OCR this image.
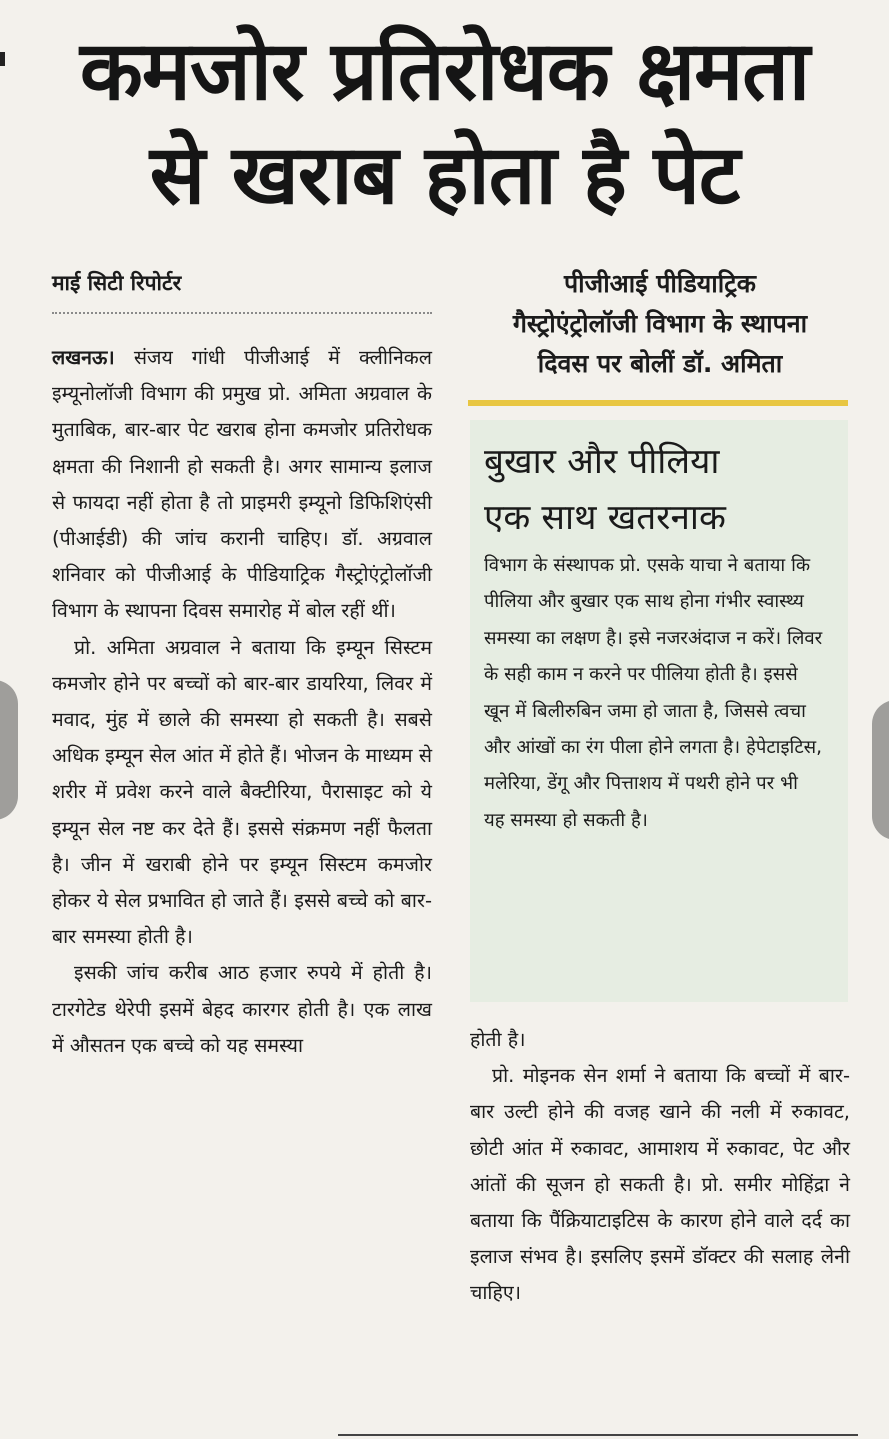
कमजोर प्रतिरोधक क्षमता
से खराब होता है पेट
माई सिटी रिपोर्टर	पीजीआई पीडियाट्रिक
गैस्ट्रोएंट्रोलॉजी विभाग के स्थापना
दिवस पर बोलीं डॉ. अमिता

लखनऊ। संजय गांधी पीजीआई में क्लीनिकल इम्यूनोलॉजी विभाग की प्रमुख प्रो. अमिता अग्रवाल के मुताबिक, बार-बार पेट खराब होना कमजोर प्रतिरोधक क्षमता की निशानी हो सकती है। अगर सामान्य इलाज से फायदा नहीं होता है तो प्राइमरी इम्यूनो डिफिशिएंसी (पीआईडी) की जांच करानी चाहिए। डॉ. अग्रवाल शनिवार को पीजीआई के पीडियाट्रिक गैस्ट्रोएंट्रोलॉजी विभाग के स्थापना दिवस समारोह में बोल रहीं थीं।

प्रो. अमिता अग्रवाल ने बताया कि इम्यून सिस्टम कमजोर होने पर बच्चों को बार-बार डायरिया, लिवर में मवाद, मुंह में छाले की समस्या हो सकती है। सबसे अधिक इम्यून सेल आंत में होते हैं। भोजन के माध्यम से शरीर में प्रवेश करने वाले बैक्टीरिया, पैरासाइट को ये इम्यून सेल नष्ट कर देते हैं। इससे संक्रमण नहीं फैलता है। जीन में खराबी होने पर इम्यून सिस्टम कमजोर होकर ये सेल प्रभावित हो जाते हैं। इससे बच्चे को बार-बार समस्या होती है।

इसकी जांच करीब आठ हजार रुपये में होती है। टारगेटेड थेरेपी इसमें बेहद कारगर होती है। एक लाख में औसतन एक बच्चे को यह समस्या

बुखार और पीलिया
एक साथ खतरनाक

विभाग के संस्थापक प्रो. एसके याचा ने बताया कि पीलिया और बुखार एक साथ होना गंभीर स्वास्थ्य समस्या का लक्षण है। इसे नजरअंदाज न करें। लिवर के सही काम न करने पर पीलिया होती है। इससे खून में बिलीरुबिन जमा हो जाता है, जिससे त्वचा और आंखों का रंग पीला होने लगता है। हेपेटाइटिस, मलेरिया, डेंगू और पित्ताशय में पथरी होने पर भी यह समस्या हो सकती है।

होती है।

प्रो. मोइनक सेन शर्मा ने बताया कि बच्चों में बार-बार उल्टी होने की वजह खाने की नली में रुकावट, छोटी आंत में रुकावट, आमाशय में रुकावट, पेट और आंतों की सूजन हो सकती है। प्रो. समीर मोहिंद्रा ने बताया कि पैंक्रियाटाइटिस के कारण होने वाले दर्द का इलाज संभव है। इसलिए इसमें डॉक्टर की सलाह लेनी चाहिए।
